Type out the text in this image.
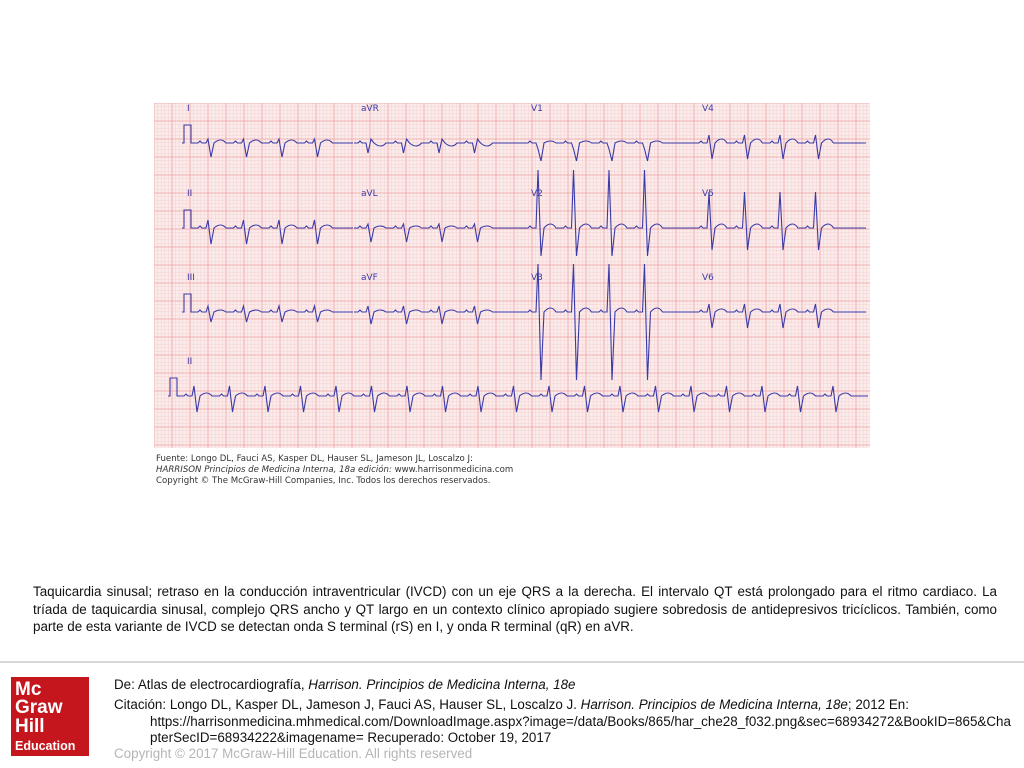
I	aVR	V1	V4
II	aVL	V2	V5
III	aVF	V3	V6
II
Fuente: Longo DL, Fauci AS, Kasper DL, Hauser SL, Jameson JL, Loscalzo J:
HARRISON Principios de Medicina Interna, 18a edición: www.harrisonmedicina.com
Copyright © The McGraw-Hill Companies, Inc. Todos los derechos reservados.

Taquicardia sinusal; retraso en la conducción intraventricular (IVCD) con un eje QRS a la derecha. El intervalo QT está prolongado para el ritmo cardiaco. La tríada de taquicardia sinusal, complejo QRS ancho y QT largo en un contexto clínico apropiado sugiere sobredosis de antidepresivos tricíclicos. También, como parte de esta variante de IVCD se detectan onda S terminal (rS) en I, y onda R terminal (qR) en aVR.

Mc
Graw
Hill
Education
De: Atlas de electrocardiografía, Harrison. Principios de Medicina Interna, 18e
Citación: Longo DL, Kasper DL, Jameson J, Fauci AS, Hauser SL, Loscalzo J. Harrison. Principios de Medicina Interna, 18e; 2012 En:
https://harrisonmedicina.mhmedical.com/DownloadImage.aspx?image=/data/Books/865/har_che28_f032.png&sec=68934272&BookID=865&ChapterSecID=68934222&imagename= Recuperado: October 19, 2017
Copyright © 2017 McGraw-Hill Education. All rights reserved
